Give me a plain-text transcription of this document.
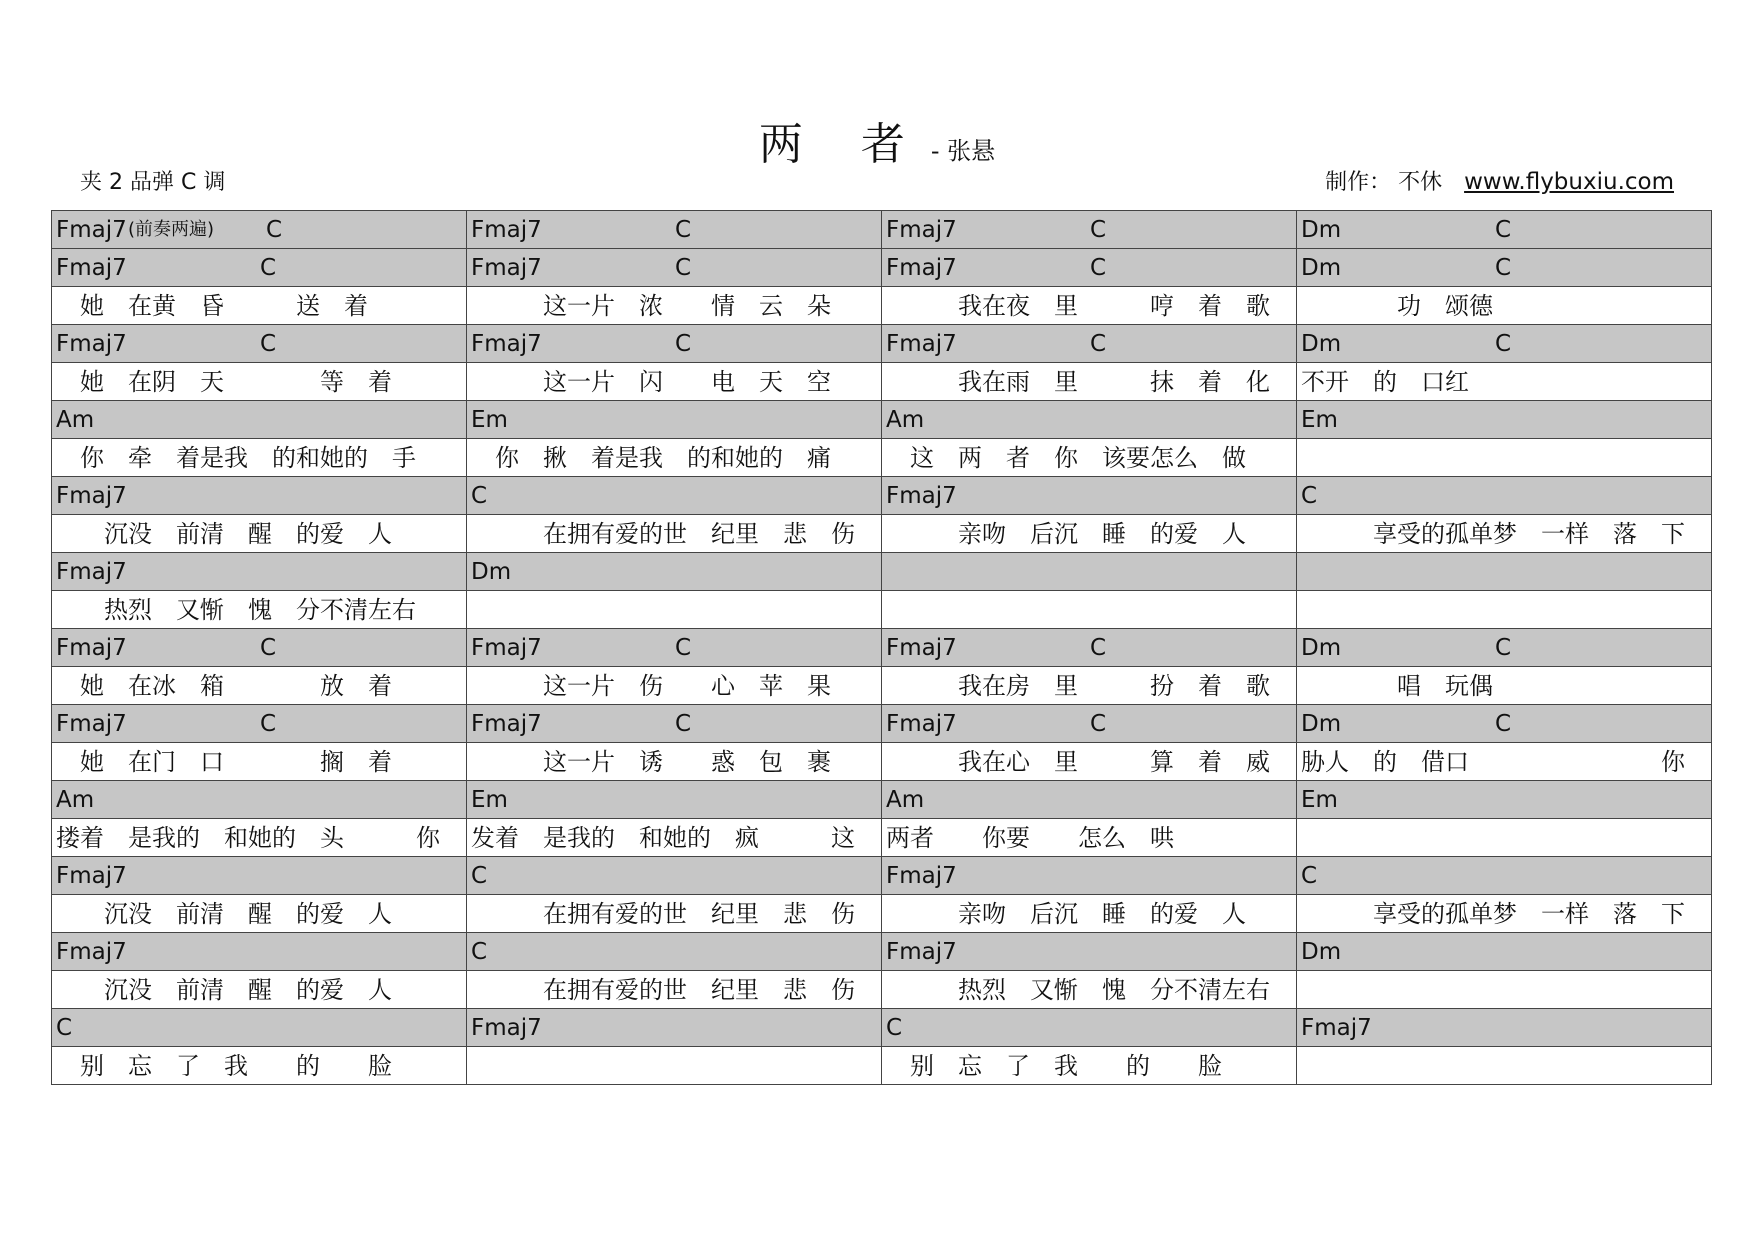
两 者 - 张悬
夹 2 品弹 C 调	制作： 不休 www.flybuxiu.com
Fmaj7 (前奏两遍) C	Fmaj7 C	Fmaj7 C	Dm C

Fmaj7 C	Fmaj7 C	Fmaj7 C	Dm C

　她　在黄　昏　　　送　着	　　　这一片　浓　　情　云　朵	　　　我在夜　里　　　哼　着　歌	　　　　功　颂德

Fmaj7 C	Fmaj7 C	Fmaj7 C	Dm C

　她　在阴　天　　　　等　着	　　　这一片　闪　　电　天　空	　　　我在雨　里　　　抹　着　化	不开　的　口红

Am	Em	Am	Em

　你　牵　着是我　的和她的　手	　你　揪　着是我　的和她的　痛	　这　两　者　你　该要怎么　做	

Fmaj7	C	Fmaj7	C

　　沉没　前清　醒　的爱　人	　　　在拥有爱的世　纪里　悲　伤	　　　亲吻　后沉　睡　的爱　人	　　　享受的孤单梦　一样　落　下

Fmaj7	Dm		

　　热烈　又惭　愧　分不清左右			

Fmaj7 C	Fmaj7 C	Fmaj7 C	Dm C

　她　在冰　箱　　　　放　着	　　　这一片　伤　　心　苹　果	　　　我在房　里　　　扮　着　歌	　　　　唱　玩偶

Fmaj7 C	Fmaj7 C	Fmaj7 C	Dm C

　她　在门　口　　　　搁　着	　　　这一片　诱　　惑　包　裹	　　　我在心　里　　　算　着　威	胁人　的　借口　　　　　　　　你

Am	Em	Am	Em

搂着　是我的　和她的　头　　　你	发着　是我的　和她的　疯　　　这	两者　　你要　　怎么　哄	

Fmaj7	C	Fmaj7	C

　　沉没　前清　醒　的爱　人	　　　在拥有爱的世　纪里　悲　伤	　　　亲吻　后沉　睡　的爱　人	　　　享受的孤单梦　一样　落　下

Fmaj7	C	Fmaj7	Dm

　　沉没　前清　醒　的爱　人	　　　在拥有爱的世　纪里　悲　伤	　　　热烈　又惭　愧　分不清左右	

C	Fmaj7	C	Fmaj7

　别　忘　了　我　　的　　脸		　别　忘　了　我　　的　　脸	
